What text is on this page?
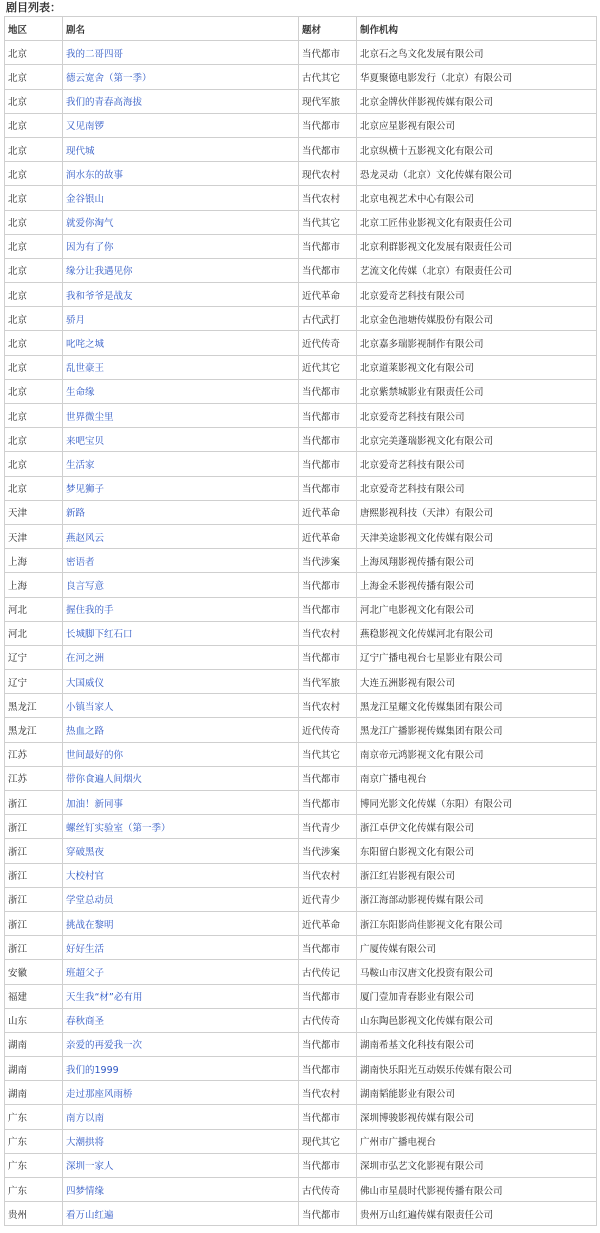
剧目列表：
地区	剧名	题材	制作机构
北京	我的二哥四哥	当代都市	北京石之鸟文化发展有限公司
北京	德云宽舍（第一季）	古代其它	华夏聚德电影发行（北京）有限公司
北京	我们的青春高海拔	现代军旅	北京金牌伙伴影视传媒有限公司
北京	又见南锣	当代都市	北京应星影视有限公司
北京	现代城	当代都市	北京纵横十五影视文化有限公司
北京	润水东的故事	现代农村	恐龙灵动（北京）文化传媒有限公司
北京	金谷银山	当代农村	北京电视艺术中心有限公司
北京	就爱你淘气	当代其它	北京工匠伟业影视文化有限责任公司
北京	因为有了你	当代都市	北京利群影视文化发展有限责任公司
北京	缘分让我遇见你	当代都市	艺流文化传媒（北京）有限责任公司
北京	我和爷爷是战友	近代革命	北京爱奇艺科技有限公司
北京	骄月	古代武打	北京金色池塘传媒股份有限公司
北京	叱咤之城	近代传奇	北京嘉多瑞影视制作有限公司
北京	乱世豪王	近代其它	北京道莱影视文化有限公司
北京	生命缘	当代都市	北京紫禁城影业有限责任公司
北京	世界微尘里	当代都市	北京爱奇艺科技有限公司
北京	来吧宝贝	当代都市	北京完美蓬瑞影视文化有限公司
北京	生活家	当代都市	北京爱奇艺科技有限公司
北京	梦见狮子	当代都市	北京爱奇艺科技有限公司
天津	新路	近代革命	唐熙影视科技（天津）有限公司
天津	燕赵风云	近代革命	天津美途影视文化传媒有限公司
上海	密语者	当代涉案	上海凤翔影视传播有限公司
上海	良言写意	当代都市	上海金禾影视传播有限公司
河北	握住我的手	当代都市	河北广电影视文化有限公司
河北	长城脚下红石口	当代农村	燕稳影视文化传媒河北有限公司
辽宁	在河之洲	当代都市	辽宁广播电视台七星影业有限公司
辽宁	大国威仪	当代军旅	大连五洲影视有限公司
黑龙江	小镇当家人	当代农村	黑龙江星耀文化传媒集团有限公司
黑龙江	热血之路	近代传奇	黑龙江广播影视传媒集团有限公司
江苏	世间最好的你	当代其它	南京帝元鸿影视文化有限公司
江苏	带你食遍人间烟火	当代都市	南京广播电视台
浙江	加油！新同事	当代都市	博同光影文化传媒（东阳）有限公司
浙江	螺丝钉实验室（第一季）	当代青少	浙江卓伊文化传媒有限公司
浙江	穿破黑夜	当代涉案	东阳留白影视文化有限公司
浙江	大校村官	当代农村	浙江红岩影视有限公司
浙江	学堂总动员	近代青少	浙江海部动影视传媒有限公司
浙江	挑战在黎明	近代革命	浙江东阳影尚佳影视文化有限公司
浙江	好好生活	当代都市	广厦传媒有限公司
安徽	班超父子	古代传记	马鞍山市汉唐文化投资有限公司
福建	天生我“材”必有用	当代都市	厦门壹加青春影业有限公司
山东	春秋商圣	古代传奇	山东陶邑影视文化传媒有限公司
湖南	亲爱的再爱我一次	当代都市	湖南希基文化科技有限公司
湖南	我们的1999	当代都市	湖南快乐阳光互动娱乐传媒有限公司
湖南	走过那座风雨桥	当代农村	湖南韬能影业有限公司
广东	南方以南	当代都市	深圳博骏影视传媒有限公司
广东	大潮拱将	现代其它	广州市广播电视台
广东	深圳一家人	当代都市	深圳市弘艺文化影视有限公司
广东	四梦情缘	古代传奇	佛山市星晨时代影视传播有限公司
贵州	看万山红遍	当代都市	贵州万山红遍传媒有限责任公司
